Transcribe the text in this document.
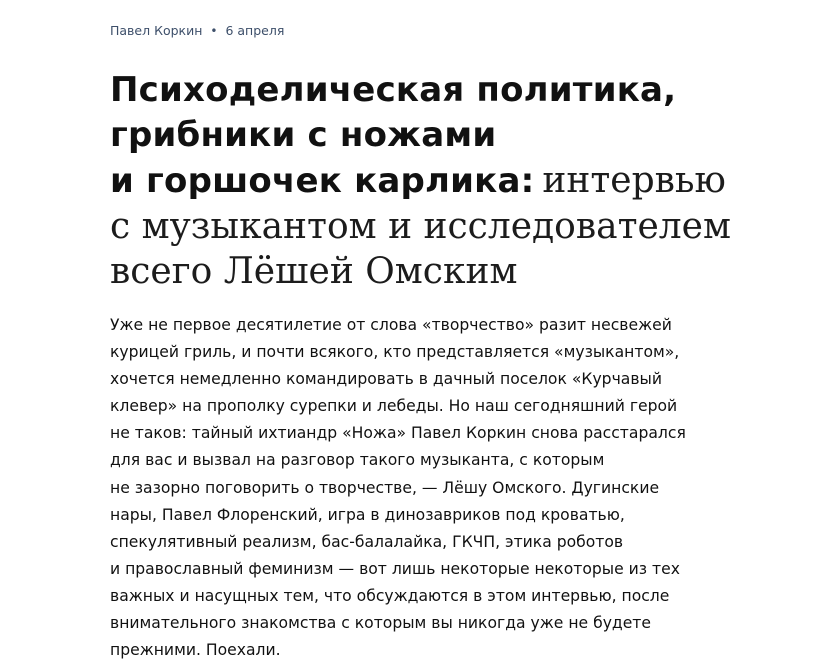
Павел Коркин • 6 апреля
Психоделическая политика,
грибники с ножами
и горшочек карлика: интервью
с музыкантом и исследователем
всего Лёшей Омским

Уже не первое десятилетие от слова «творчество» разит несвежей
курицей гриль, и почти всякого, кто представляется «музыкантом»,
хочется немедленно командировать в дачный поселок «Курчавый
клевер» на прополку сурепки и лебеды. Но наш сегодняшний герой
не таков: тайный ихтиандр «Ножа» Павел Коркин снова расстарался
для вас и вызвал на разговор такого музыканта, с которым
не зазорно поговорить о творчестве, — Лёшу Омского. Дугинские
нары, Павел Флоренский, игра в динозавриков под кроватью,
спекулятивный реализм, бас-балалайка, ГКЧП, этика роботов
и православный феминизм — вот лишь некоторые некоторые из тех
важных и насущных тем, что обсуждаются в этом интервью, после
внимательного знакомства с которым вы никогда уже не будете
прежними. Поехали.
